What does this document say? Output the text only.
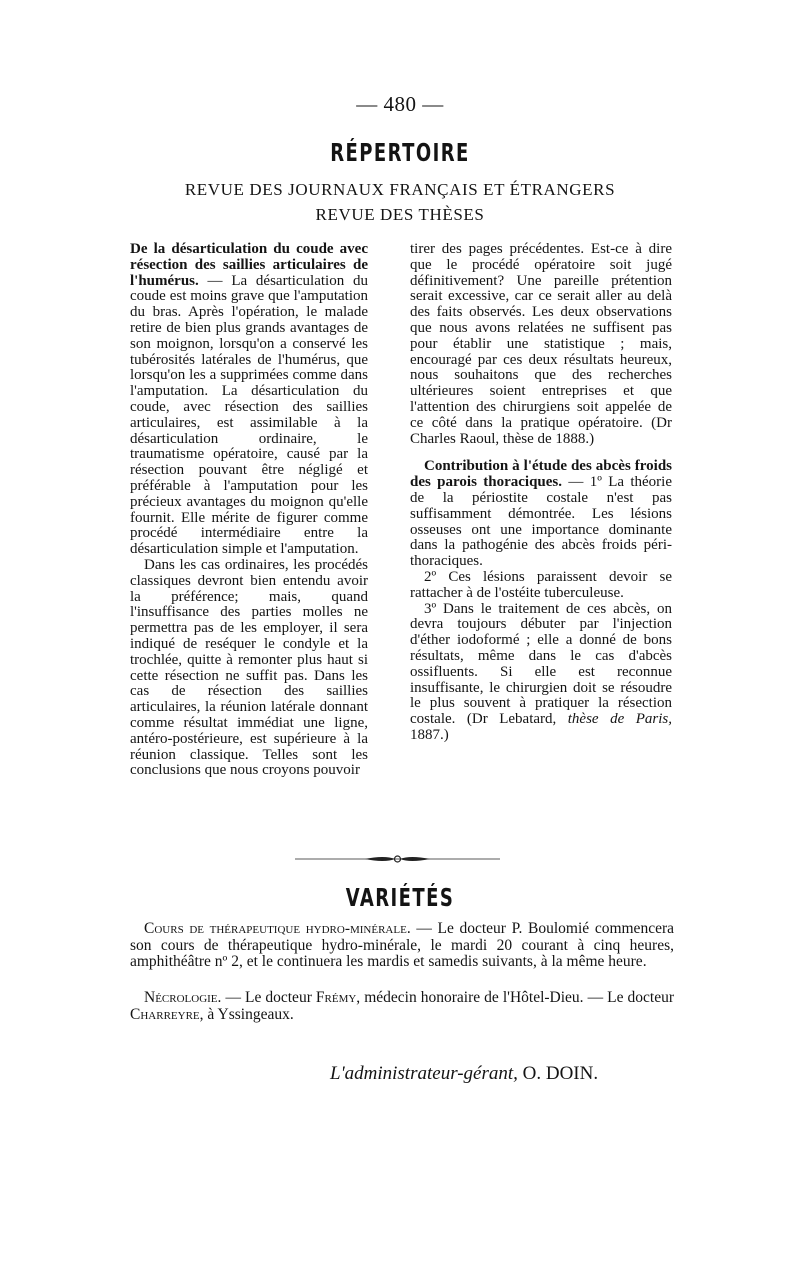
— 480 —
RÉPERTOIRE
REVUE DES JOURNAUX FRANÇAIS ET ÉTRANGERS
REVUE DES THÈSES

De la désarticulation du coude avec résection des saillies articulaires de l'humérus. — La désarticulation du coude est moins grave que l'amputation du bras. Après l'opération, le malade retire de bien plus grands avantages de son moignon, lorsqu'on a conservé les tubérosités latérales de l'humérus, que lorsqu'on les a supprimées comme dans l'amputation. La désarticulation du coude, avec résection des saillies articulaires, est assimilable à la désarticulation ordinaire, le traumatisme opératoire, causé par la résection pouvant être négligé et préférable à l'amputation pour les précieux avantages du moignon qu'elle fournit. Elle mérite de figurer comme procédé intermédiaire entre la désarticulation simple et l'amputation.

Dans les cas ordinaires, les procédés classiques devront bien entendu avoir la préférence; mais, quand l'insuffisance des parties molles ne permettra pas de les employer, il sera indiqué de reséquer le condyle et la trochlée, quitte à remonter plus haut si cette résection ne suffit pas. Dans les cas de résection des saillies articulaires, la réunion latérale donnant comme résultat immédiat une ligne, antéro-postérieure, est supérieure à la réunion classique. Telles sont les conclusions que nous croyons pouvoir

tirer des pages précédentes. Est-ce à dire que le procédé opératoire soit jugé définitivement? Une pareille prétention serait excessive, car ce serait aller au delà des faits observés. Les deux observations que nous avons relatées ne suffisent pas pour établir une statistique ; mais, encouragé par ces deux résultats heureux, nous souhaitons que des recherches ultérieures soient entreprises et que l'attention des chirurgiens soit appelée de ce côté dans la pratique opératoire. (Dr Charles Raoul, thèse de 1888.)

Contribution à l'étude des abcès froids des parois thoraciques. — 1º La théorie de la périostite costale n'est pas suffisamment démontrée. Les lésions osseuses ont une importance dominante dans la pathogénie des abcès froids péri-thoraciques.

2º Ces lésions paraissent devoir se rattacher à de l'ostéite tuberculeuse.

3º Dans le traitement de ces abcès, on devra toujours débuter par l'injection d'éther iodoformé ; elle a donné de bons résultats, même dans le cas d'abcès ossifluents. Si elle est reconnue insuffisante, le chirurgien doit se résoudre le plus souvent à pratiquer la résection costale. (Dr Lebatard, thèse de Paris, 1887.)

VARIÉTÉS

Cours de thérapeutique hydro-minérale. — Le docteur P. Boulomié commencera son cours de thérapeutique hydro-minérale, le mardi 20 courant à cinq heures, amphithéâtre nº 2, et le continuera les mardis et samedis suivants, à la même heure.

Nécrologie. — Le docteur Frémy, médecin honoraire de l'Hôtel-Dieu. — Le docteur Charreyre, à Yssingeaux.

L'administrateur-gérant, O. DOIN.
